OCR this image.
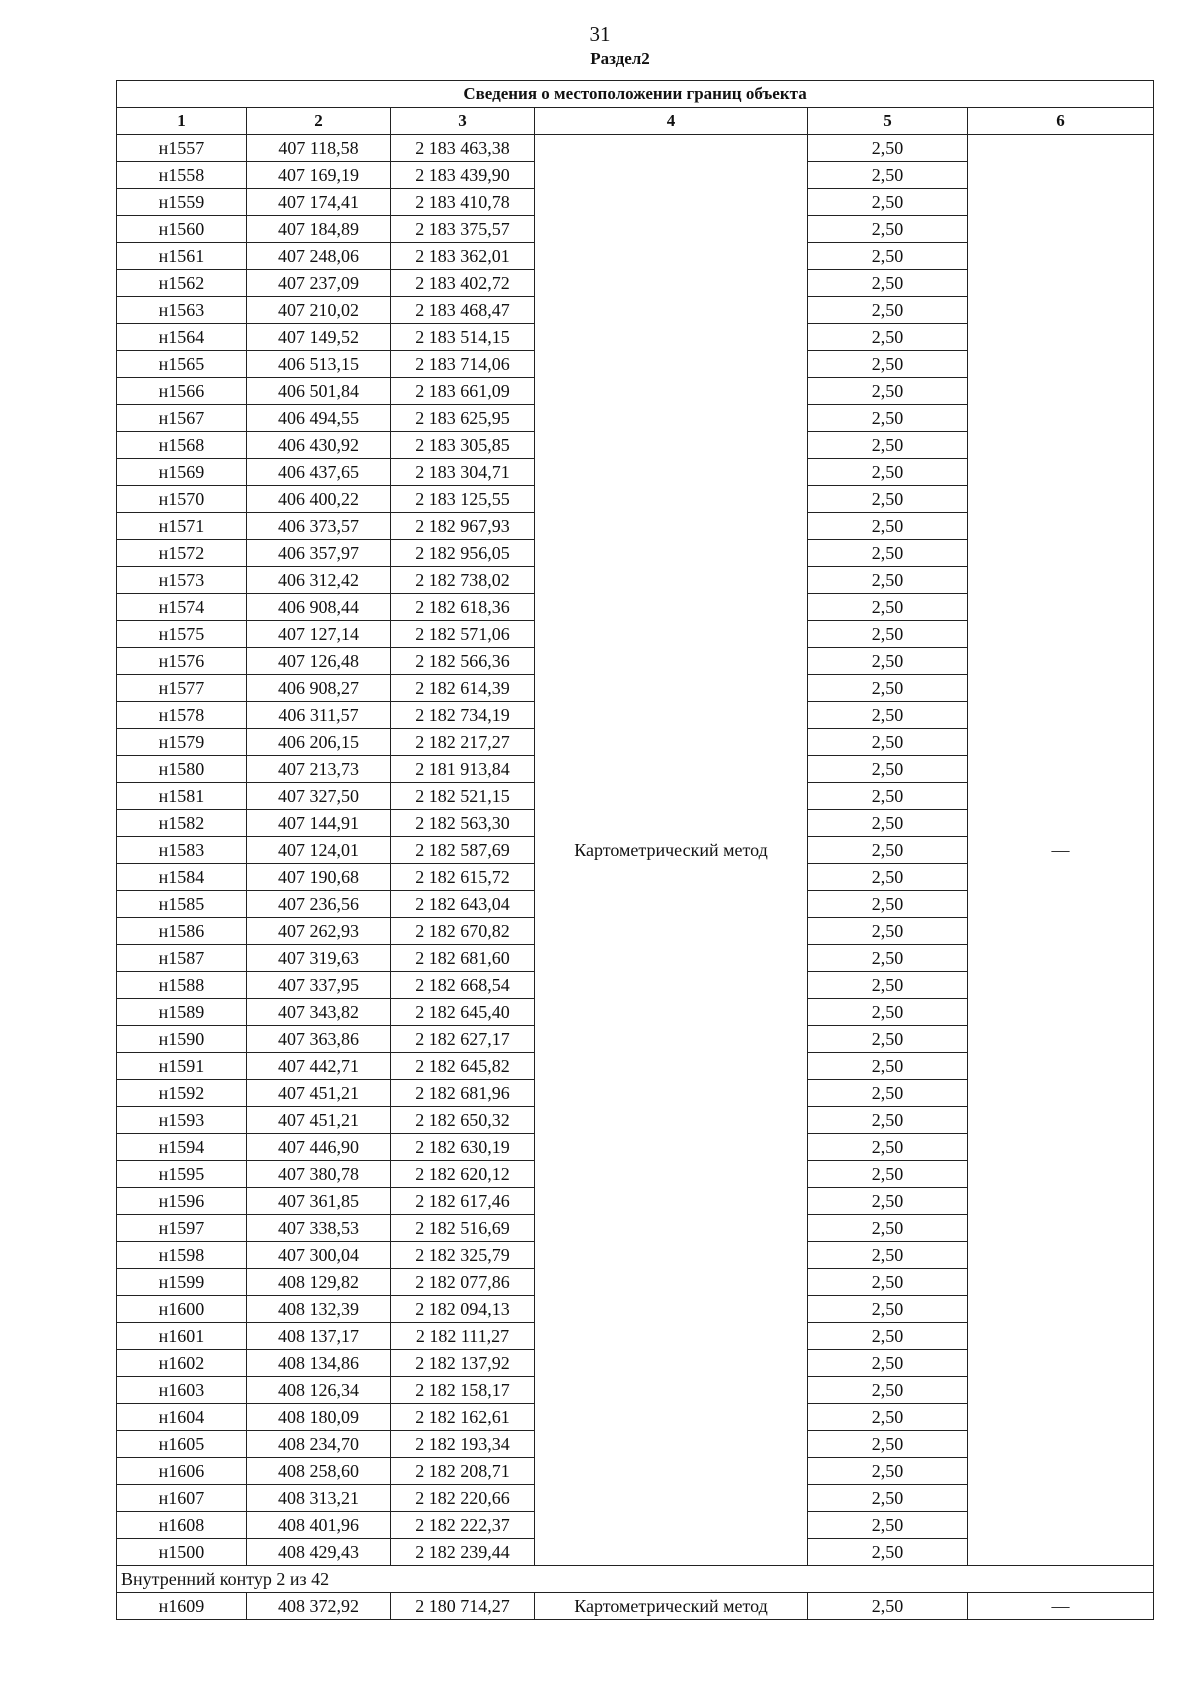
31
Раздел2
Сведения о местоположении границ объекта					
1	2	3	4	5	6
н1557	407 118,58	2 183 463,38	Картометрический метод	2,50	—
н1558	407 169,19	2 183 439,90		2,50	
н1559	407 174,41	2 183 410,78		2,50	
н1560	407 184,89	2 183 375,57		2,50	
н1561	407 248,06	2 183 362,01		2,50	
н1562	407 237,09	2 183 402,72		2,50	
н1563	407 210,02	2 183 468,47		2,50	
н1564	407 149,52	2 183 514,15		2,50	
н1565	406 513,15	2 183 714,06		2,50	
н1566	406 501,84	2 183 661,09		2,50	
н1567	406 494,55	2 183 625,95		2,50	
н1568	406 430,92	2 183 305,85		2,50	
н1569	406 437,65	2 183 304,71		2,50	
н1570	406 400,22	2 183 125,55		2,50	
н1571	406 373,57	2 182 967,93		2,50	
н1572	406 357,97	2 182 956,05		2,50	
н1573	406 312,42	2 182 738,02		2,50	
н1574	406 908,44	2 182 618,36		2,50	
н1575	407 127,14	2 182 571,06		2,50	
н1576	407 126,48	2 182 566,36		2,50	
н1577	406 908,27	2 182 614,39		2,50	
н1578	406 311,57	2 182 734,19		2,50	
н1579	406 206,15	2 182 217,27		2,50	
н1580	407 213,73	2 181 913,84		2,50	
н1581	407 327,50	2 182 521,15		2,50	
н1582	407 144,91	2 182 563,30		2,50	
н1583	407 124,01	2 182 587,69		2,50	
н1584	407 190,68	2 182 615,72		2,50	
н1585	407 236,56	2 182 643,04		2,50	
н1586	407 262,93	2 182 670,82		2,50	
н1587	407 319,63	2 182 681,60		2,50	
н1588	407 337,95	2 182 668,54		2,50	
н1589	407 343,82	2 182 645,40		2,50	
н1590	407 363,86	2 182 627,17		2,50	
н1591	407 442,71	2 182 645,82		2,50	
н1592	407 451,21	2 182 681,96		2,50	
н1593	407 451,21	2 182 650,32		2,50	
н1594	407 446,90	2 182 630,19		2,50	
н1595	407 380,78	2 182 620,12		2,50	
н1596	407 361,85	2 182 617,46		2,50	
н1597	407 338,53	2 182 516,69		2,50	
н1598	407 300,04	2 182 325,79		2,50	
н1599	408 129,82	2 182 077,86		2,50	
н1600	408 132,39	2 182 094,13		2,50	
н1601	408 137,17	2 182 111,27		2,50	
н1602	408 134,86	2 182 137,92		2,50	
н1603	408 126,34	2 182 158,17		2,50	
н1604	408 180,09	2 182 162,61		2,50	
н1605	408 234,70	2 182 193,34		2,50	
н1606	408 258,60	2 182 208,71		2,50	
н1607	408 313,21	2 182 220,66		2,50	
н1608	408 401,96	2 182 222,37		2,50	
н1500	408 429,43	2 182 239,44		2,50	
Внутренний контур 2 из 42					
н1609	408 372,92	2 180 714,27	Картометрический метод	2,50	—
